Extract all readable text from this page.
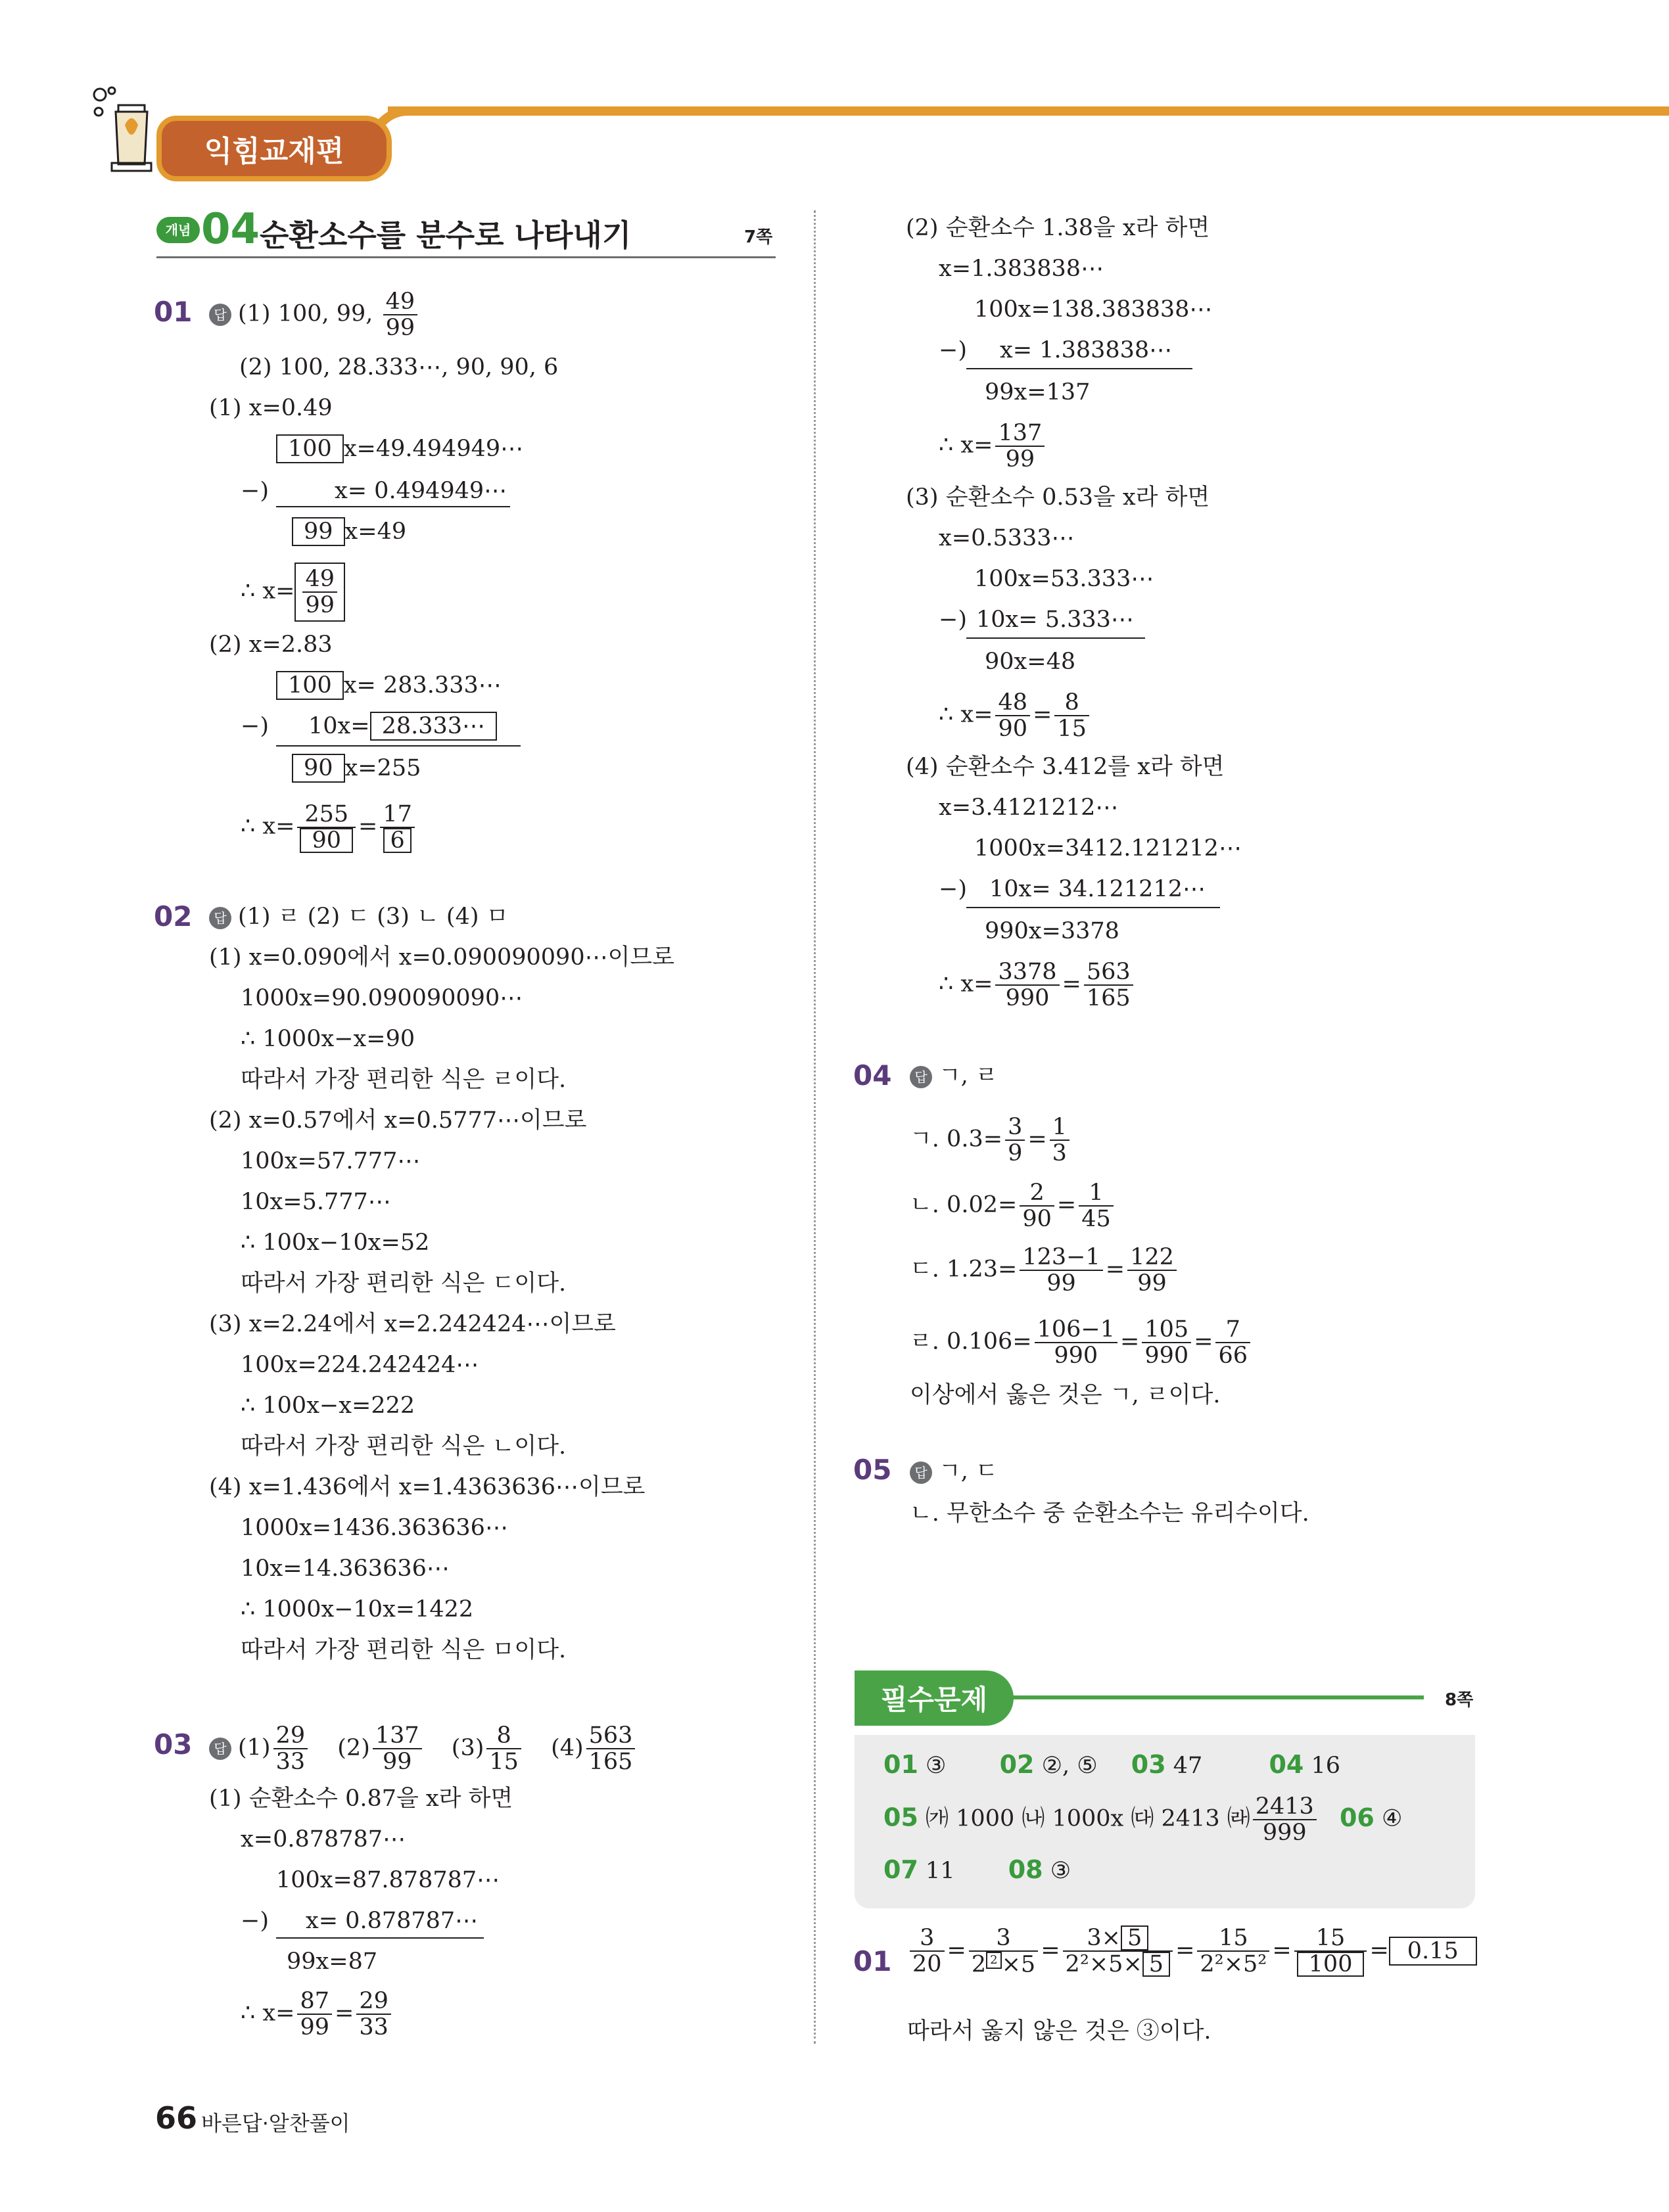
익힘교재편
개념 04 순환소수를 분수로 나타내기	7쪽
01	답 (1) 100, 99, $\frac{49}{99}$
(2) 100, 28.333⋯, 90, 90, 6
(1) x=0.49
100 x=49.494949⋯
−)	x= 0.494949⋯
99 x=49
∴ $x= \frac{49}{99}$
(2) x=2.83
100 x= 283.333⋯
−) 10x= 28.333⋯
90 x=255
∴ $x= \frac{255}{90} = \frac{17}{6}$
02	답 (1) ㄹ (2) ㄷ (3) ㄴ (4) ㅁ
(1) x=0.090에서 x=0.090090090⋯이므로
1000x=90.090090090⋯
∴ 1000x−x=90
따라서 가장 편리한 식은 ㄹ이다.
(2) x=0.57에서 x=0.5777⋯이므로
100x=57.777⋯
10x=5.777⋯
∴ 100x−10x=52
따라서 가장 편리한 식은 ㄷ이다.
(3) x=2.24에서 x=2.242424⋯이므로
100x=224.242424⋯
∴ 100x−x=222
따라서 가장 편리한 식은 ㄴ이다.
(4) x=1.436에서 x=1.4363636⋯이므로
1000x=1436.363636⋯
10x=14.363636⋯
∴ 1000x−10x=1422
따라서 가장 편리한 식은 ㅁ이다.
03	답 $(1) \frac{29}{33} (2) \frac{137}{99} (3) \frac{8}{15} (4) \frac{563}{165}$
(1) 순환소수 0.87을 x라 하면
x=0.878787⋯
100x=87.878787⋯
−) x= 0.878787⋯
99x=87
∴ $x= \frac{87}{99} = \frac{29}{33}$
(2) 순환소수 1.38을 x라 하면
x=1.383838⋯
100x=138.383838⋯
−) x= 1.383838⋯
99x=137
∴ $x= \frac{137}{99}$
(3) 순환소수 0.53을 x라 하면
x=0.5333⋯
100x=53.333⋯
−) 10x= 5.333⋯
90x=48
∴ $x= \frac{48}{90} = \frac{8}{15}$
(4) 순환소수 3.412를 x라 하면
x=3.4121212⋯
1000x=3412.121212⋯
−) 10x= 34.121212⋯
990x=3378
∴ $x= \frac{3378}{990} = \frac{563}{165}$
04	답 ㄱ, ㄹ
ㄱ. $0.3= \frac{3}{9} = \frac{1}{3}$
ㄴ. $0.02= \frac{2}{90} = \frac{1}{45}$
ㄷ. $1.23= \frac{123-1}{99} = \frac{122}{99}$
ㄹ. $0.106= \frac{106-1}{990} = \frac{105}{990} = \frac{7}{66}$
이상에서 옳은 것은 ㄱ, ㄹ이다.
05	답 ㄱ, ㄷ
ㄴ. 무한소수 중 순환소수는 유리수이다.
필수문제	8쪽
01 ③ 02 ②, ⑤ 03 47	04 16
05 ㈎ 1000 ㈏ 1000x ㈐ 2413 ㈑ $\frac{2413}{999} 06$ ④
07 11 08 ③
$01 \frac{3}{20} = \frac{3}{2 ^2 \times 5} = \frac{3\times 5}{\text{2²×5× 5}} = \frac{15}{\text{2²×5²}} = \frac{15}{100} = 0.15$
따라서 옳지 않은 것은 ③이다.
66 바른답·알찬풀이
